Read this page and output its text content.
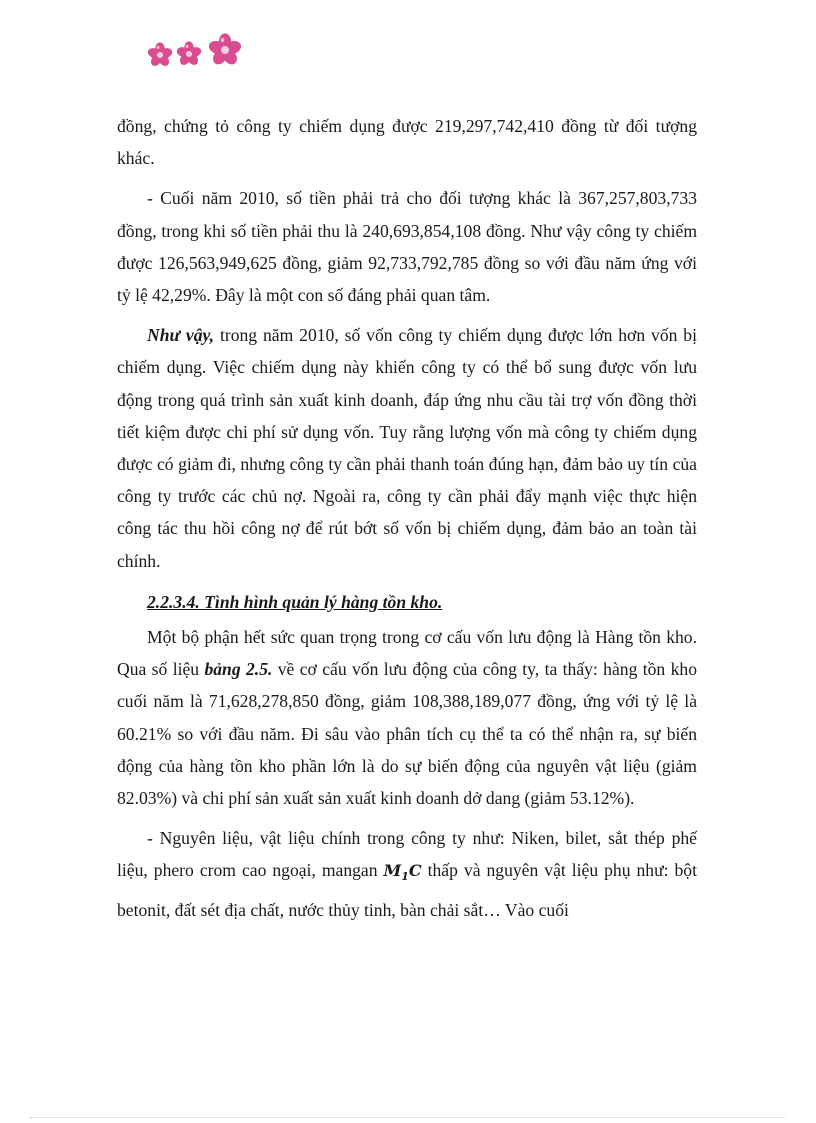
đồng, chứng tỏ công ty chiếm dụng được 219,297,742,410 đồng từ đối tượng khác.

- Cuối năm 2010, số tiền phải trả cho đối tượng khác là 367,257,803,733 đồng, trong khi số tiền phải thu là 240,693,854,108 đồng. Như vậy công ty chiếm được 126,563,949,625 đồng, giảm 92,733,792,785 đồng so với đầu năm ứng với tỷ lệ 42,29%. Đây là một con số đáng phải quan tâm.

Như vậy, trong năm 2010, số vốn công ty chiếm dụng được lớn hơn vốn bị chiếm dụng. Việc chiếm dụng này khiến công ty có thể bổ sung được vốn lưu động trong quá trình sản xuất kinh doanh, đáp ứng nhu cầu tài trợ vốn đồng thời tiết kiệm được chi phí sử dụng vốn. Tuy rằng lượng vốn mà công ty chiếm dụng được có giảm đi, nhưng công ty cần phải thanh toán đúng hạn, đảm bảo uy tín của công ty trước các chủ nợ. Ngoài ra, công ty cần phải đẩy mạnh việc thực hiện công tác thu hồi công nợ để rút bớt số vốn bị chiếm dụng, đảm bảo an toàn tài chính.

2.2.3.4. Tình hình quản lý hàng tồn kho.

Một bộ phận hết sức quan trọng trong cơ cấu vốn lưu động là Hàng tồn kho. Qua số liệu bảng 2.5. về cơ cấu vốn lưu động của công ty, ta thấy: hàng tồn kho cuối năm là 71,628,278,850 đồng, giảm 108,388,189,077 đồng, ứng với tỷ lệ là 60.21% so với đầu năm. Đi sâu vào phân tích cụ thể ta có thể nhận ra, sự biến động của hàng tồn kho phần lớn là do sự biến động của nguyên vật liệu (giảm 82.03%) và chi phí sản xuất sản xuất kinh doanh dở dang (giảm 53.12%).

- Nguyên liệu, vật liệu chính trong công ty như: Niken, bilet, sắt thép phế liệu, phero crom cao ngoại, mangan $M_1C$ thấp và nguyên vật liệu phụ như: bột betonit, đất sét địa chất, nước thủy tinh, bàn chải sắt… Vào cuối
